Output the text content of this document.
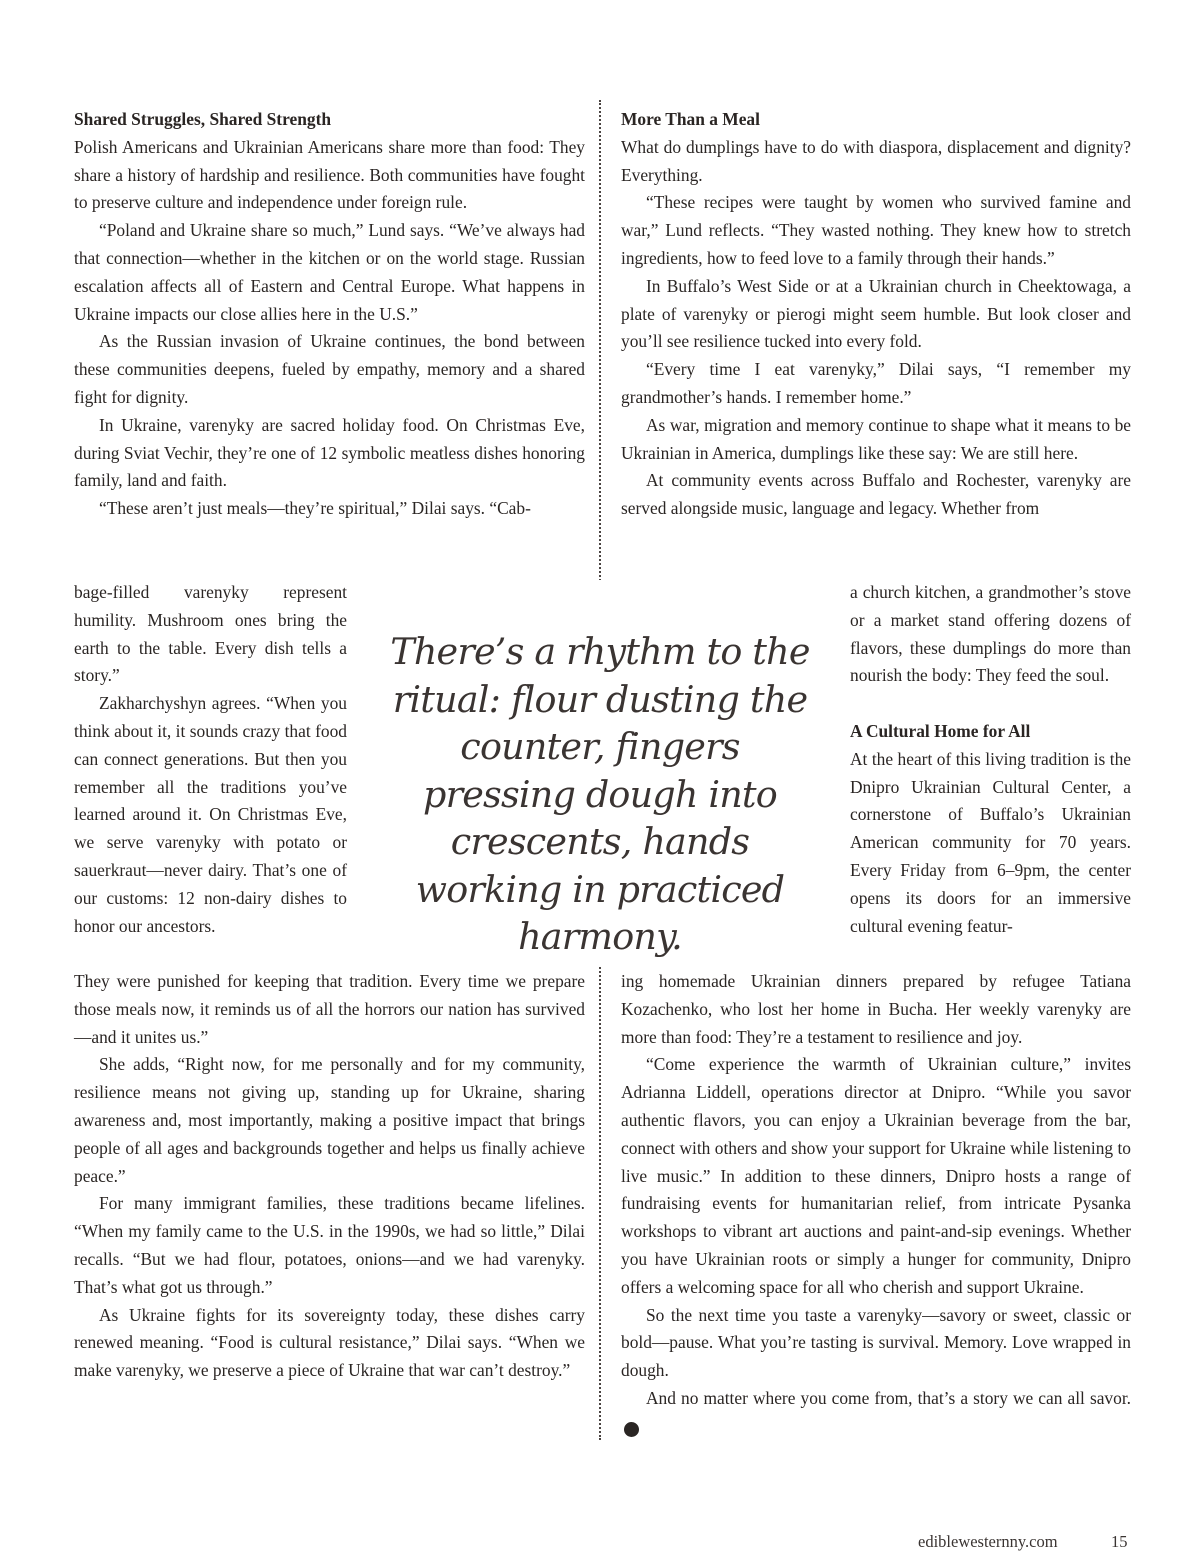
Shared Struggles, Shared Strength

Polish Americans and Ukrainian Americans share more than food: They share a history of hardship and resilience. Both communities have fought to preserve culture and independence under foreign rule.

“Poland and Ukraine share so much,” Lund says. “We’ve always had that connection—whether in the kitchen or on the world stage. Russian escalation affects all of Eastern and Central Europe. What happens in Ukraine impacts our close allies here in the U.S.”

As the Russian invasion of Ukraine continues, the bond between these communities deepens, fueled by empathy, memory and a shared fight for dignity.

In Ukraine, varenyky are sacred holiday food. On Christmas Eve, during Sviat Vechir, they’re one of 12 symbolic meatless dishes honoring family, land and faith.

“These aren’t just meals—they’re spiritual,” Dilai says. “Cab-

bage-filled varenyky represent humility. Mushroom ones bring the earth to the table. Every dish tells a story.”

Zakharchyshyn agrees. “When you think about it, it sounds crazy that food can connect generations. But then you remember all the traditions you’ve learned around it. On Christmas Eve, we serve varenyky with potato or sauerkraut—never dairy. That’s one of our customs: 12 non-dairy dishes to honor our ancestors.

They were punished for keeping that tradition. Every time we prepare those meals now, it reminds us of all the horrors our nation has survived—and it unites us.”

She adds, “Right now, for me personally and for my community, resilience means not giving up, standing up for Ukraine, sharing awareness and, most importantly, making a positive impact that brings people of all ages and backgrounds together and helps us finally achieve peace.”

For many immigrant families, these traditions became lifelines. “When my family came to the U.S. in the 1990s, we had so little,” Dilai recalls. “But we had flour, potatoes, onions—and we had varenyky. That’s what got us through.”

As Ukraine fights for its sovereignty today, these dishes carry renewed meaning. “Food is cultural resistance,” Dilai says. “When we make varenyky, we preserve a piece of Ukraine that war can’t destroy.”

There’s a rhythm to the ritual: flour dusting the counter, fingers pressing dough into crescents, hands working in practiced harmony.
More Than a Meal

What do dumplings have to do with diaspora, displacement and dignity? Everything.

“These recipes were taught by women who survived famine and war,” Lund reflects. “They wasted nothing. They knew how to stretch ingredients, how to feed love to a family through their hands.”

In Buffalo’s West Side or at a Ukrainian church in Cheektowaga, a plate of varenyky or pierogi might seem humble. But look closer and you’ll see resilience tucked into every fold.

“Every time I eat varenyky,” Dilai says, “I remember my grandmother’s hands. I remember home.”

As war, migration and memory continue to shape what it means to be Ukrainian in America, dumplings like these say: We are still here.

At community events across Buffalo and Rochester, varenyky are served alongside music, language and legacy. Whether from

a church kitchen, a grandmother’s stove or a market stand offering dozens of flavors, these dumplings do more than nourish the body: They feed the soul.

A Cultural Home for All

At the heart of this living tradition is the Dnipro Ukrainian Cultural Center, a cornerstone of Buffalo’s Ukrainian American community for 70 years. Every Friday from 6–9pm, the center opens its doors for an immersive cultural evening featur-

ing homemade Ukrainian dinners prepared by refugee Tatiana Kozachenko, who lost her home in Bucha. Her weekly varenyky are more than food: They’re a testament to resilience and joy.

“Come experience the warmth of Ukrainian culture,” invites Adrianna Liddell, operations director at Dnipro. “While you savor authentic flavors, you can enjoy a Ukrainian beverage from the bar, connect with others and show your support for Ukraine while listening to live music.” In addition to these dinners, Dnipro hosts a range of fundraising events for humanitarian relief, from intricate Pysanka workshops to vibrant art auctions and paint-and-sip evenings. Whether you have Ukrainian roots or simply a hunger for community, Dnipro offers a welcoming space for all who cherish and support Ukraine.

So the next time you taste a varenyky—savory or sweet, classic or bold—pause. What you’re tasting is survival. Memory. Love wrapped in dough.

And no matter where you come from, that’s a story we can all savor. e

ediblewesternny.com	15
